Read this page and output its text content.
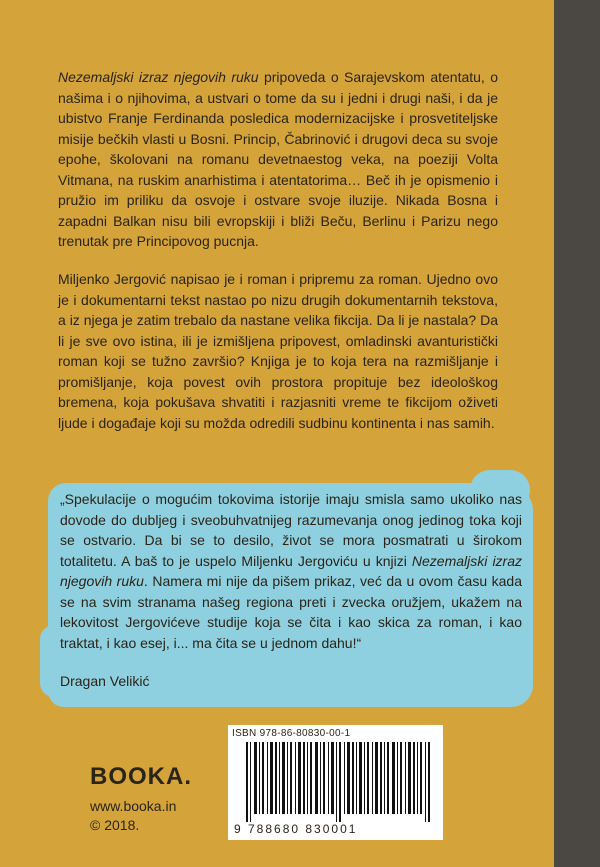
Nezemaljski izraz njegovih ruku pripoveda o Sarajevskom atentatu, o našima i o njihovima, a ustvari o tome da su i jedni i drugi naši, i da je ubistvo Franje Ferdinanda posledica modernizacijske i prosvetiteljske misije bečkih vlasti u Bosni. Princip, Čabrinović i drugovi deca su svoje epohe, školovani na romanu devetnaestog veka, na poeziji Volta Vitmana, na ruskim anarhistima i atentatorima… Beč ih je opismenio i pružio im priliku da osvoje i ostvare svoje iluzije. Nikada Bosna i zapadni Balkan nisu bili evropskiji i bliži Beču, Berlinu i Parizu nego trenutak pre Principovog pucnja.
Miljenko Jergović napisao je i roman i pripremu za roman. Ujedno ovo je i dokumentarni tekst nastao po nizu drugih dokumentarnih tekstova, a iz njega je zatim trebalo da nastane velika fikcija. Da li je nastala? Da li je sve ovo istina, ili je izmišljena pripovest, omladinski avanturistički roman koji se tužno završio? Knjiga je to koja tera na razmišljanje i promišljanje, koja povest ovih prostora propituje bez ideološkog bremena, koja pokušava shvatiti i razjasniti vreme te fikcijom oživeti ljude i događaje koji su možda odredili sudbinu kontinenta i nas samih.
„Spekulacije o mogućim tokovima istorije imaju smisla samo ukoliko nas dovode do dubljeg i sveobuhvatnijeg razumevanja onog jedinog toka koji se ostvario. Da bi se to desilo, život se mora posmatrati u širokom totalitetu. A baš to je uspelo Miljenku Jergoviću u knjizi Nezemaljski izraz njegovih ruku. Namera mi nije da pišem prikaz, već da u ovom času kada se na svim stranama našeg regiona preti i zvecka oružjem, ukažem na lekovitost Jergovićeve studije koja se čita i kao skica za roman, i kao traktat, i kao esej, i... ma čita se u jednom dahu!“
Dragan Velikić
BOOKA.
www.booka.in
© 2018.
ISBN 978-86-80830-00-1
9 788680 830001
